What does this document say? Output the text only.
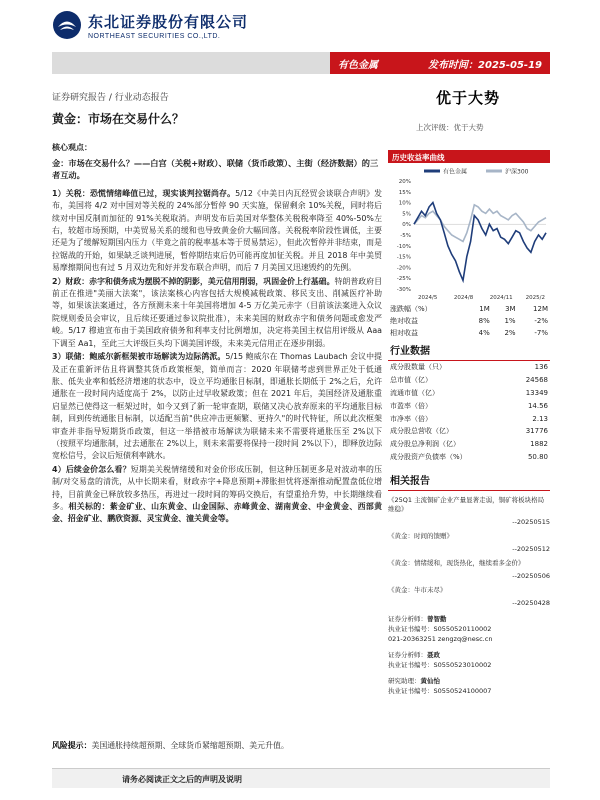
东北证券股份有限公司
NORTHEAST SECURITIES CO.,LTD.
有色金属	发布时间：2025-05-19
证券研究报告 / 行业动态报告
黄金：市场在交易什么？
优于大势
上次评级：优于大势
核心观点：
金：市场在交易什么？——白宫（关税+财政）、联储（货币政策）、主街（经济数据）的三者互动。
1）关税：恐慌情绪峰值已过，现实谈判拉锯尚存。5/12《中美日内瓦经贸会谈联合声明》发布，美国将 4/2 对中国对等关税的 24%部分暂停 90 天实施，保留剩余 10%关税，同时将后续对中国反制而加征的 91%关税取消。声明发布后美国对华整体关税税率降至 40%-50%左右，较超市场预期，中美贸易关系的缓和也导致黄金价大幅回落。关税税率阶段性调低，主要还是为了缓解短期国内压力（毕竟之前的税率基本等于贸易禁运），但此次暂停并非结束，而是拉锯战的开始，如果缺乏谈判进展，暂停期结束后仍可能再度加征关税。并且 2018 年中美贸易摩擦期间也有过 5 月双边先和好并发布联合声明，而后 7 月美国又迅速毁约的先例。
2）财政：赤字和债务成为摆脱不掉的阴影，美元信用削弱，巩固金价上行基础。特朗普政府目前正在推进"美丽大法案"，该法案核心内容包括大规模减税政策、移民支出、削减医疗补助等，如果该法案通过，各方预测未来十年美国将增加 4-5 万亿美元赤字（目前该法案进入众议院规则委员会审议，且后续还要通过参议院批准），未来美国的财政赤字和债务问题或愈发严峻。5/17 穆迪宣布由于美国政府债务和利率支付比例增加，决定将美国主权信用评级从 Aaa 下调至 Aa1，至此三大评级巨头均下调美国评级，未来美元信用正在逐步削弱。
3）联储：鲍威尔新框架被市场解读为边际鸽派。5/15 鲍威尔在 Thomas Laubach 会议中提及正在重新评估且将调整其货币政策框架，简单而言：2020 年联储考虑到世界正处于低通胀、低失业率和低经济增速的状态中，设立平均通胀目标制，即通胀长期低于 2%之后，允许通胀在一段时间内适度高于 2%，以防止过早收紧政策；但在 2021 年后，美国经济及通胀重启显然已使得这一框架过时，如今又到了新一轮审查期，联储又决心放弃原来的平均通胀目标制，回到传统通胀目标制，以适配当前"供应冲击更频繁、更持久"的时代特征，所以此次框架审查并非指导短期货币政策，但这一举措被市场解读为联储未来不需要将通胀压至 2%以下（按照平均通胀制，过去通胀在 2%以上，则未来需要将保持一段时间 2%以下），即释放边际宽松信号，会议后短债利率跳水。
4）后续金价怎么看？短期美关税情绪缓和对金价形成压制，但这种压制更多是对波动率的压制/对交易盘的清洗，从中长期来看，财政赤字+降息预期+滞胀担忧将逐渐推动配置盘低位增持，目前黄金已释放较多热压，再进过一段时间的筹码交换后，有望重拾升势，中长期继续看多。相关标的：紫金矿业、山东黄金、山金国际、赤峰黄金、湖南黄金、中金黄金、西部黄金、招金矿业、鹏欣资源、灵宝黄金、潼关黄金等。
风险提示：美国通胀持续超预期、全球货币紧缩超预期、美元升值。
请务必阅读正文之后的声明及说明
历史收益率曲线
有色金属	沪深300
20%
15%
10%
5%
0%
-5%
-10%
-15%
-20%
-25%
-30%
2024/5	2024/8	2024/11 2025/2
涨跌幅（%）	1M	3M	12M
绝对收益	8%	1%	-2%
相对收益	4%	2%	-7%
行业数据
成分股数量（只）	136
总市值（亿）	24568
流通市值（亿）	13349
市盈率（倍）	14.56
市净率（倍）	2.13
成分股总营收（亿）	31776
成分股总净利润（亿）	1882
成分股资产负债率（%）	50.80
相关报告
《25Q1 主流铜矿企业产量显著走弱，铜矿将板块格局维稳》
--20250515
《黄金：时间的馈赠》
--20250512
《黄金：情绪缓和，现货热化，继续看多金价》
--20250506
《黄金：牛市未尽》
--20250428
证券分析师：曾智勤
执业证书编号：S0550520110002
021-20363251 zengzq@nesc.cn
证券分析师：聂政
执业证书编号：S0550523010002
研究助理：黄仙怡
执业证书编号：S0550524100007
